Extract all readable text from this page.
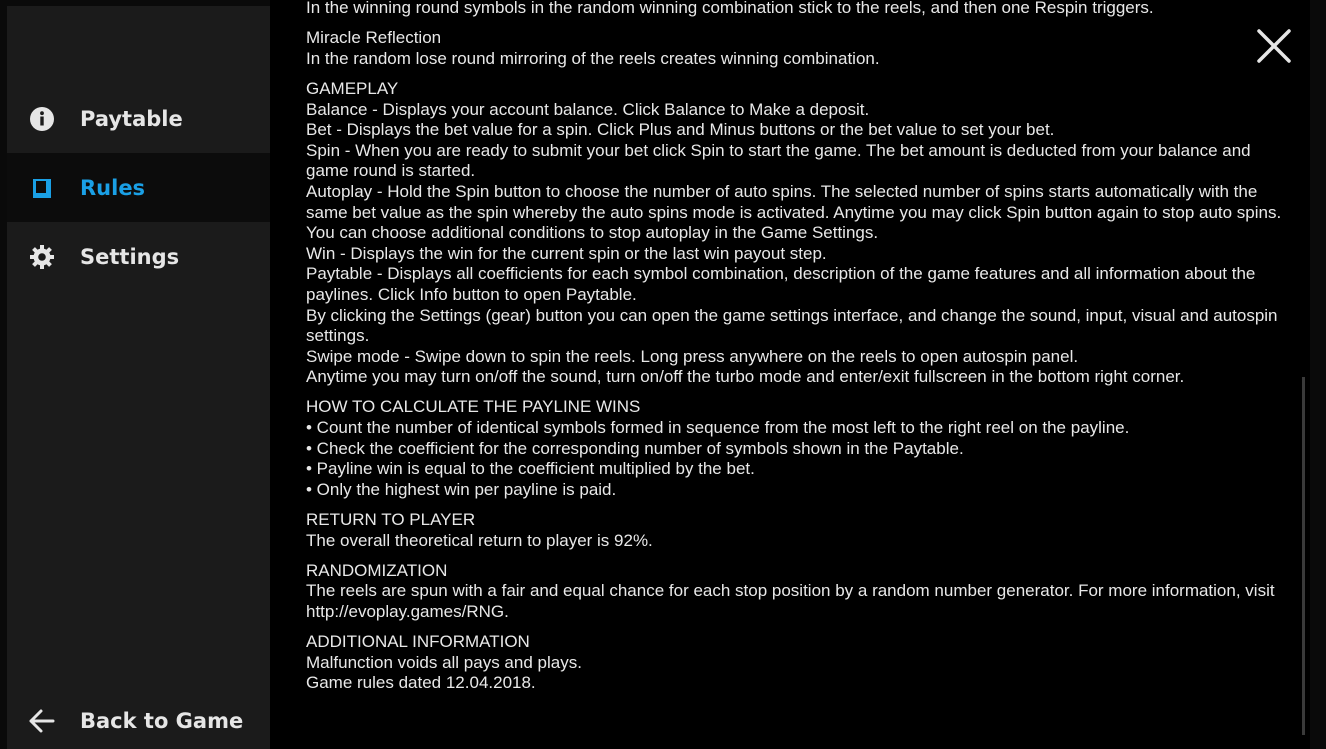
Paytable
Rules
Settings
Back to Game
In the winning round symbols in the random winning combination stick to the reels, and then one Respin triggers.
Miracle Reflection
In the random lose round mirroring of the reels creates winning combination.
GAMEPLAY
Balance - Displays your account balance. Click Balance to Make a deposit.
Bet - Displays the bet value for a spin. Click Plus and Minus buttons or the bet value to set your bet.
Spin - When you are ready to submit your bet click Spin to start the game. The bet amount is deducted from your balance and game round is started.
Autoplay - Hold the Spin button to choose the number of auto spins. The selected number of spins starts automatically with the same bet value as the spin whereby the auto spins mode is activated. Anytime you may click Spin button again to stop auto spins. You can choose additional conditions to stop autoplay in the Game Settings.
Win - Displays the win for the current spin or the last win payout step.
Paytable - Displays all coefficients for each symbol combination, description of the game features and all information about the paylines. Click Info button to open Paytable.
By clicking the Settings (gear) button you can open the game settings interface, and change the sound, input, visual and autospin settings.
Swipe mode - Swipe down to spin the reels. Long press anywhere on the reels to open autospin panel.
Anytime you may turn on/off the sound, turn on/off the turbo mode and enter/exit fullscreen in the bottom right corner.
HOW TO CALCULATE THE PAYLINE WINS
• Count the number of identical symbols formed in sequence from the most left to the right reel on the payline.
• Check the coefficient for the corresponding number of symbols shown in the Paytable.
• Payline win is equal to the coefficient multiplied by the bet.
• Only the highest win per payline is paid.
RETURN TO PLAYER
The overall theoretical return to player is 92%.
RANDOMIZATION
The reels are spun with a fair and equal chance for each stop position by a random number generator. For more information, visit http://evoplay.games/RNG.
ADDITIONAL INFORMATION
Malfunction voids all pays and plays.
Game rules dated 12.04.2018.
